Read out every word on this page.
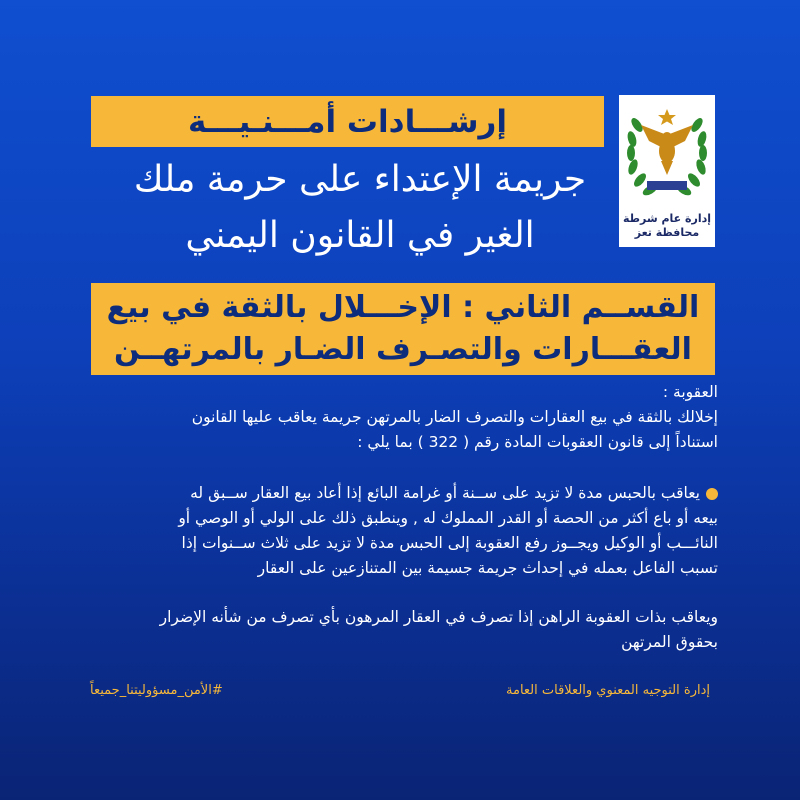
إرشـــادات أمـــنـيـــة
جريمة الإعتداء على حرمة ملك
الغير في القانون اليمني	إدارة عام شرطة
محافظة تعز
القســم الثاني : الإخـــلال بالثقة في بيع
العقـــارات والتصـرف الضـار بالمرتهــن

العقوبة :

إخلالك بالثقة في بيع العقارات والتصرف الضار بالمرتهن جريمة يعاقب عليها القانون

استناداً إلى قانون العقوبات المادة رقم ( 322 ) بما يلي :

يعاقب بالحبس مدة لا تزيد على ســنة أو غرامة البائع إذا أعاد بيع العقار ســبق له

بيعه أو باع أكثر من الحصة أو القدر المملوك له , وينطبق ذلك على الولي أو الوصي أو

النائـــب أو الوكيل ويجــوز رفع العقوبة إلى الحبس مدة لا تزيد على ثلاث ســنوات إذا

تسبب الفاعل بعمله في إحداث جريمة جسيمة بين المتنازعين على العقار

ويعاقب بذات العقوبة الراهن إذا تصرف في العقار المرهون بأي تصرف من شأنه الإضرار

بحقوق المرتهن

إدارة التوجيه المعنوي والعلاقات العامة
#الأمن_مسؤوليتنا_جميعاً
